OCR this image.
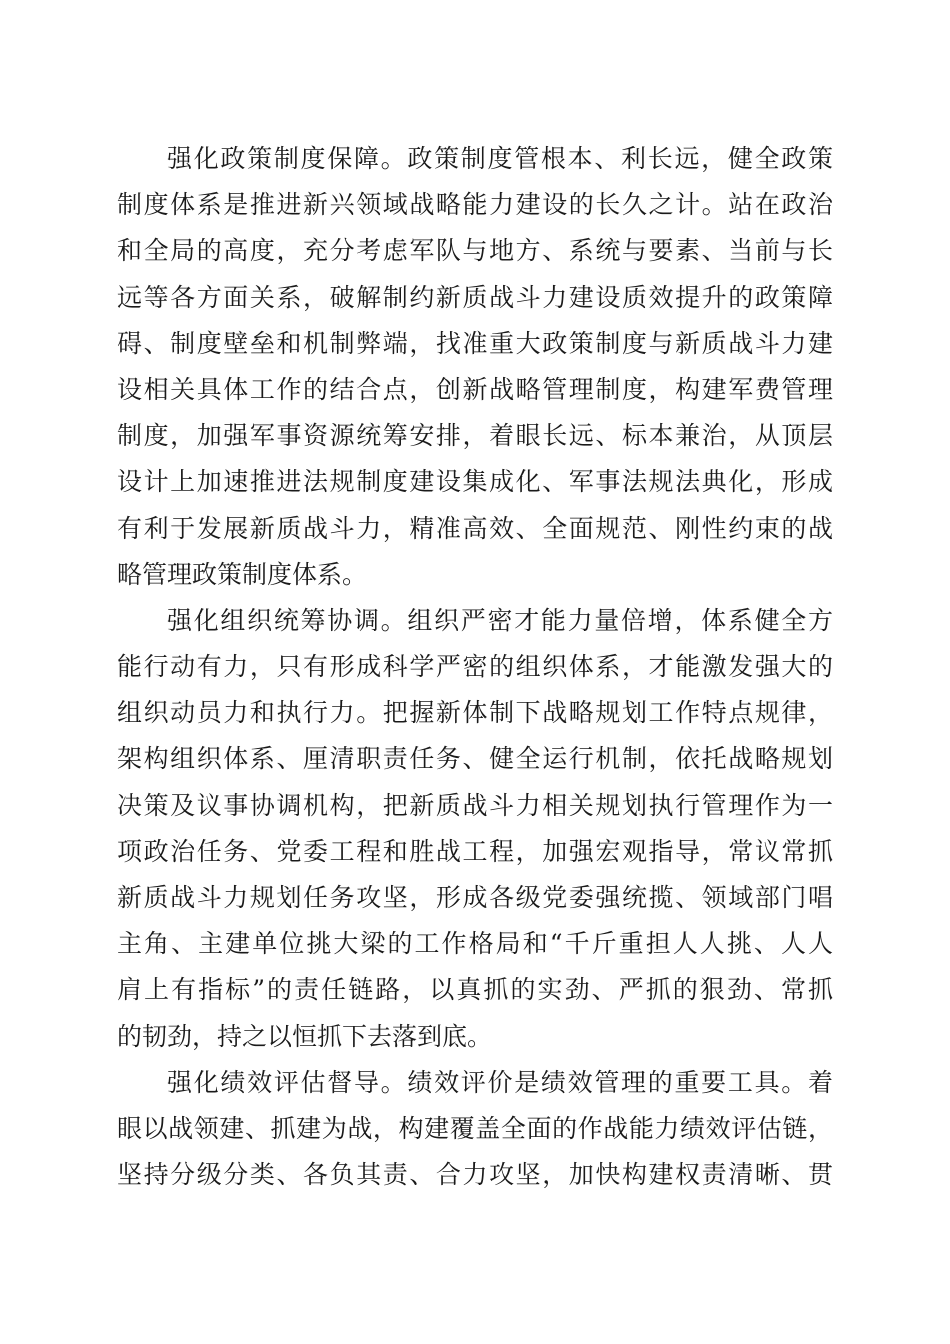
强化政策制度保障。政策制度管根本、利长远，健全政策
制度体系是推进新兴领域战略能力建设的长久之计。站在政治
和全局的高度，充分考虑军队与地方、系统与要素、当前与长
远等各方面关系，破解制约新质战斗力建设质效提升的政策障
碍、制度壁垒和机制弊端，找准重大政策制度与新质战斗力建
设相关具体工作的结合点，创新战略管理制度，构建军费管理
制度，加强军事资源统筹安排，着眼长远、标本兼治，从顶层
设计上加速推进法规制度建设集成化、军事法规法典化，形成
有利于发展新质战斗力，精准高效、全面规范、刚性约束的战
略管理政策制度体系。
强化组织统筹协调。组织严密才能力量倍增，体系健全方
能行动有力，只有形成科学严密的组织体系，才能激发强大的
组织动员力和执行力。把握新体制下战略规划工作特点规律，
架构组织体系、厘清职责任务、健全运行机制，依托战略规划
决策及议事协调机构，把新质战斗力相关规划执行管理作为一
项政治任务、党委工程和胜战工程，加强宏观指导，常议常抓
新质战斗力规划任务攻坚，形成各级党委强统揽、领域部门唱
主角、主建单位挑大梁的工作格局和“千斤重担人人挑、人人
肩上有指标”的责任链路，以真抓的实劲、严抓的狠劲、常抓
的韧劲，持之以恒抓下去落到底。
强化绩效评估督导。绩效评价是绩效管理的重要工具。着
眼以战领建、抓建为战，构建覆盖全面的作战能力绩效评估链，
坚持分级分类、各负其责、合力攻坚，加快构建权责清晰、贯
